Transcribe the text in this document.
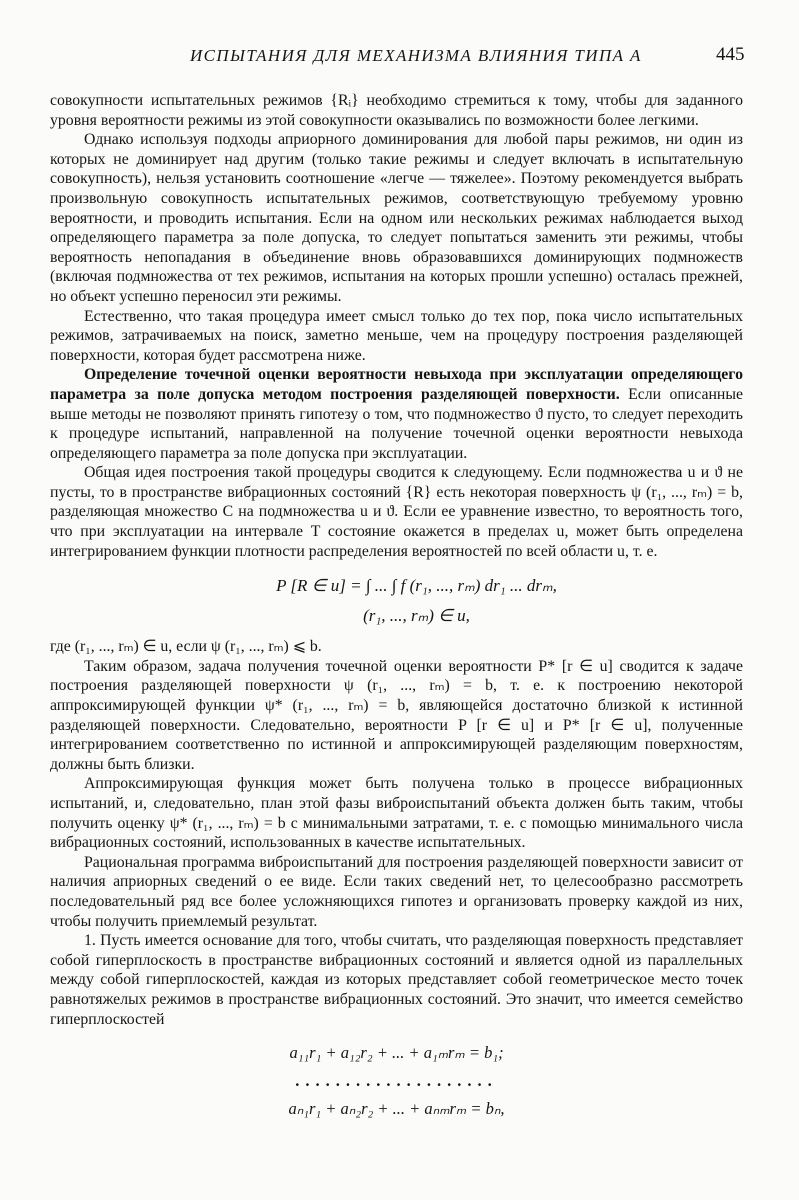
ИСПЫТАНИЯ ДЛЯ МЕХАНИЗМА ВЛИЯНИЯ ТИПА А	445

совокупности испытательных режимов {Rᵢ} необходимо стремиться к тому, чтобы для заданного уровня вероятности режимы из этой совокупности оказывались по возможности более легкими.

Однако используя подходы априорного доминирования для любой пары режимов, ни один из которых не доминирует над другим (только такие режимы и следует включать в испытательную совокупность), нельзя установить соотношение «легче — тяжелее». Поэтому рекомендуется выбрать произвольную совокупность испытательных режимов, соответствующую требуемому уровню вероятности, и проводить испытания. Если на одном или нескольких режимах наблюдается выход определяющего параметра за поле допуска, то следует попытаться заменить эти режимы, чтобы вероятность непопадания в объединение вновь образовавшихся доминирующих подмножеств (включая подмножества от тех режимов, испытания на которых прошли успешно) осталась прежней, но объект успешно переносил эти режимы.

Естественно, что такая процедура имеет смысл только до тех пор, пока число испытательных режимов, затрачиваемых на поиск, заметно меньше, чем на процедуру построения разделяющей поверхности, которая будет рассмотрена ниже.

Определение точечной оценки вероятности невыхода при эксплуатации определяющего параметра за поле допуска методом построения разделяющей поверхности. Если описанные выше методы не позволяют принять гипотезу о том, что подмножество ϑ пусто, то следует переходить к процедуре испытаний, направленной на получение точечной оценки вероятности невыхода определяющего параметра за поле допуска при эксплуатации.

Общая идея построения такой процедуры сводится к следующему. Если подмножества u и ϑ не пусты, то в пространстве вибрационных состояний {R} есть некоторая поверхность ψ (r₁, ..., rₘ) = b, разделяющая множество C на подмножества u и ϑ. Если ее уравнение известно, то вероятность того, что при эксплуатации на интервале T состояние окажется в пределах u, может быть определена интегрированием функции плотности распределения вероятностей по всей области u, т. е.

P [R ∈ u] = ∫ ... ∫ f (r₁, ..., rₘ) dr₁ ... drₘ,
(r₁, ..., rₘ) ∈ u,

где (r₁, ..., rₘ) ∈ u, если ψ (r₁, ..., rₘ) ⩽ b.

Таким образом, задача получения точечной оценки вероятности P* [r ∈ u] сводится к задаче построения разделяющей поверхности ψ (r₁, ..., rₘ) = b, т. е. к построению некоторой аппроксимирующей функции ψ* (r₁, ..., rₘ) = b, являющейся достаточно близкой к истинной разделяющей поверхности. Следовательно, вероятности P [r ∈ u] и P* [r ∈ u], полученные интегрированием соответственно по истинной и аппроксимирующей разделяющим поверхностям, должны быть близки.

Аппроксимирующая функция может быть получена только в процессе вибрационных испытаний, и, следовательно, план этой фазы виброиспытаний объекта должен быть таким, чтобы получить оценку ψ* (r₁, ..., rₘ) = b с минимальными затратами, т. е. с помощью минимального числа вибрационных состояний, использованных в качестве испытательных.

Рациональная программа виброиспытаний для построения разделяющей поверхности зависит от наличия априорных сведений о ее виде. Если таких сведений нет, то целесообразно рассмотреть последовательный ряд все более усложняющихся гипотез и организовать проверку каждой из них, чтобы получить приемлемый результат.

1. Пусть имеется основание для того, чтобы считать, что разделяющая поверхность представляет собой гиперплоскость в пространстве вибрационных состояний и является одной из параллельных между собой гиперплоскостей, каждая из которых представляет собой геометрическое место точек равнотяжелых режимов в пространстве вибрационных состояний. Это значит, что имеется семейство гиперплоскостей

a₁₁r₁ + a₁₂r₂ + ... + a₁ₘrₘ = b₁;
....................
aₙ₁r₁ + aₙ₂r₂ + ... + aₙₘrₘ = bₙ,
